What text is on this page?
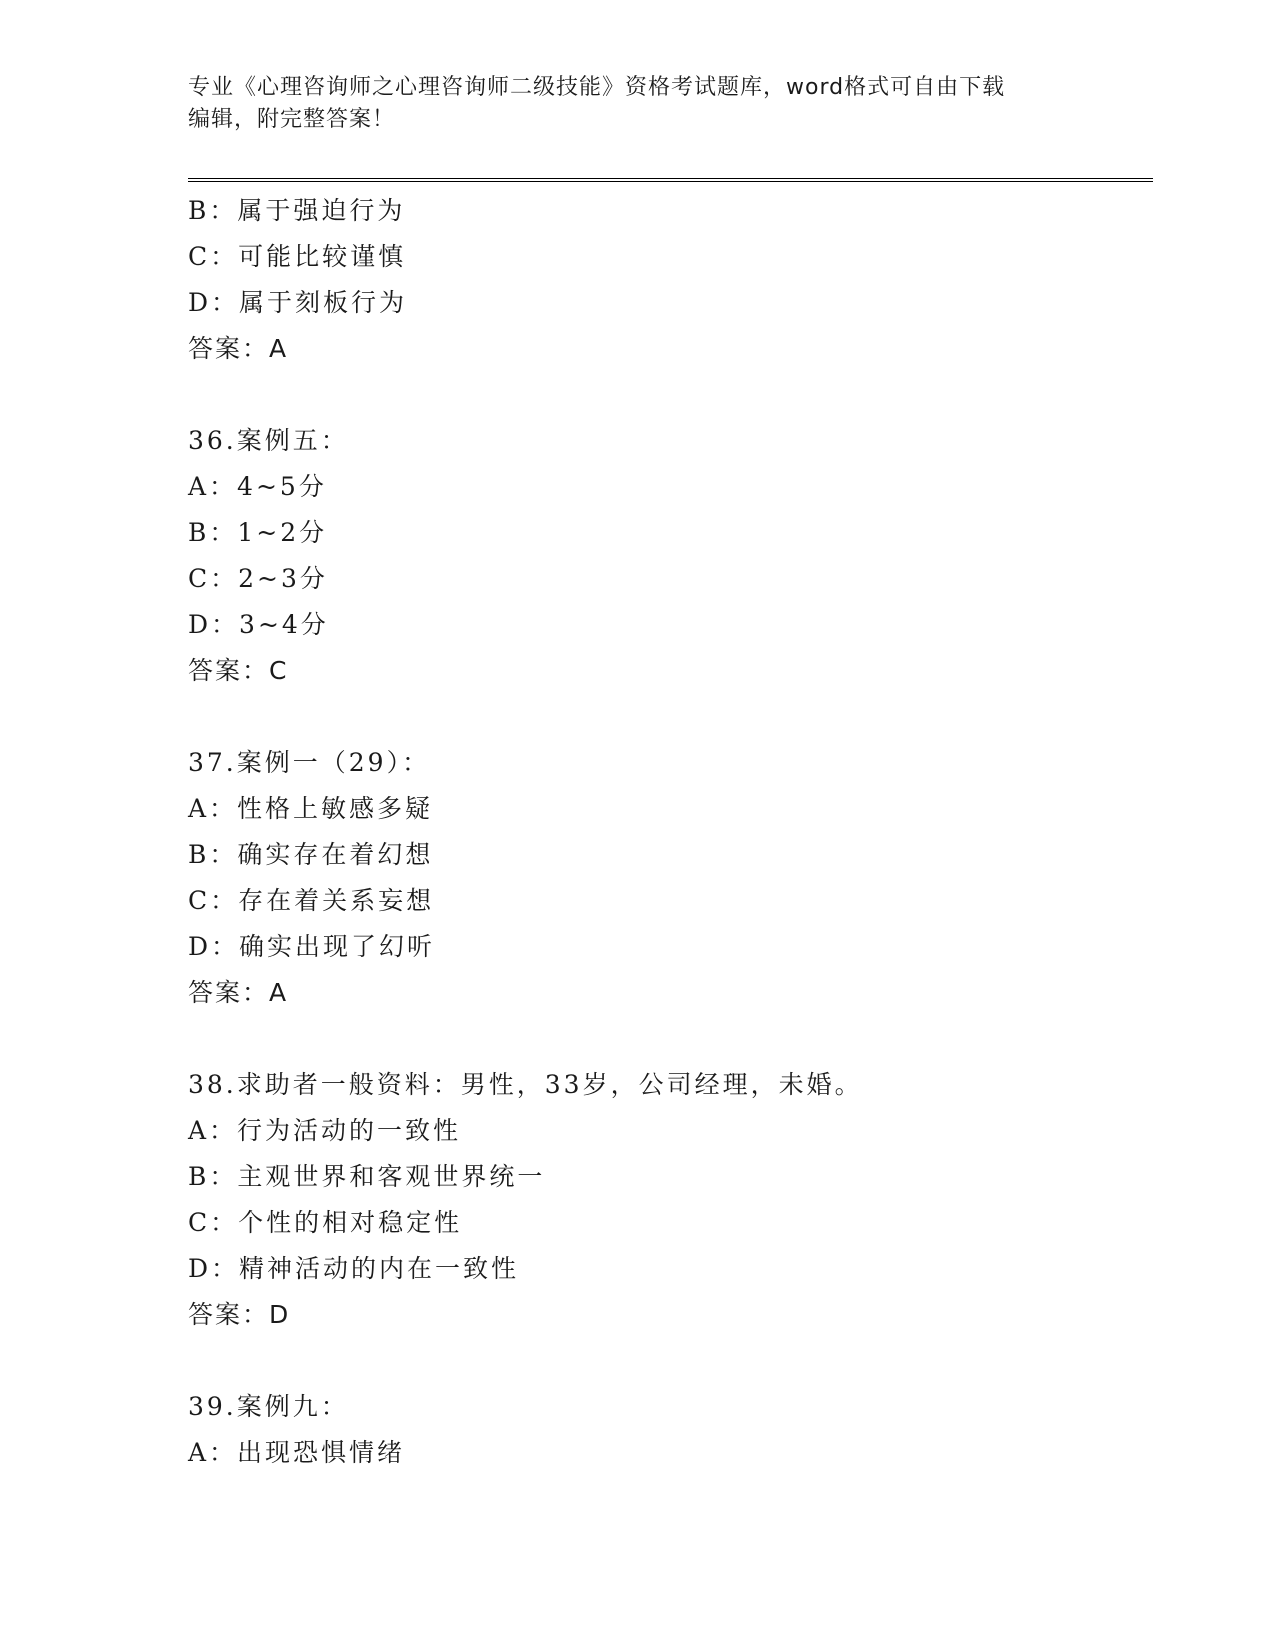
专业《心理咨询师之心理咨询师二级技能》资格考试题库，word格式可自由下载
编辑，附完整答案！
B：属于强迫行为
C：可能比较谨慎
D：属于刻板行为
答案：A
36.案例五：
A：4~5分
B：1~2分
C：2~3分
D：3~4分
答案：C
37.案例一（29）：
A：性格上敏感多疑
B：确实存在着幻想
C：存在着关系妄想
D：确实出现了幻听
答案：A
38.求助者一般资料：男性，33岁，公司经理，未婚。
A：行为活动的一致性
B：主观世界和客观世界统一
C：个性的相对稳定性
D：精神活动的内在一致性
答案：D
39.案例九：
A：出现恐惧情绪
